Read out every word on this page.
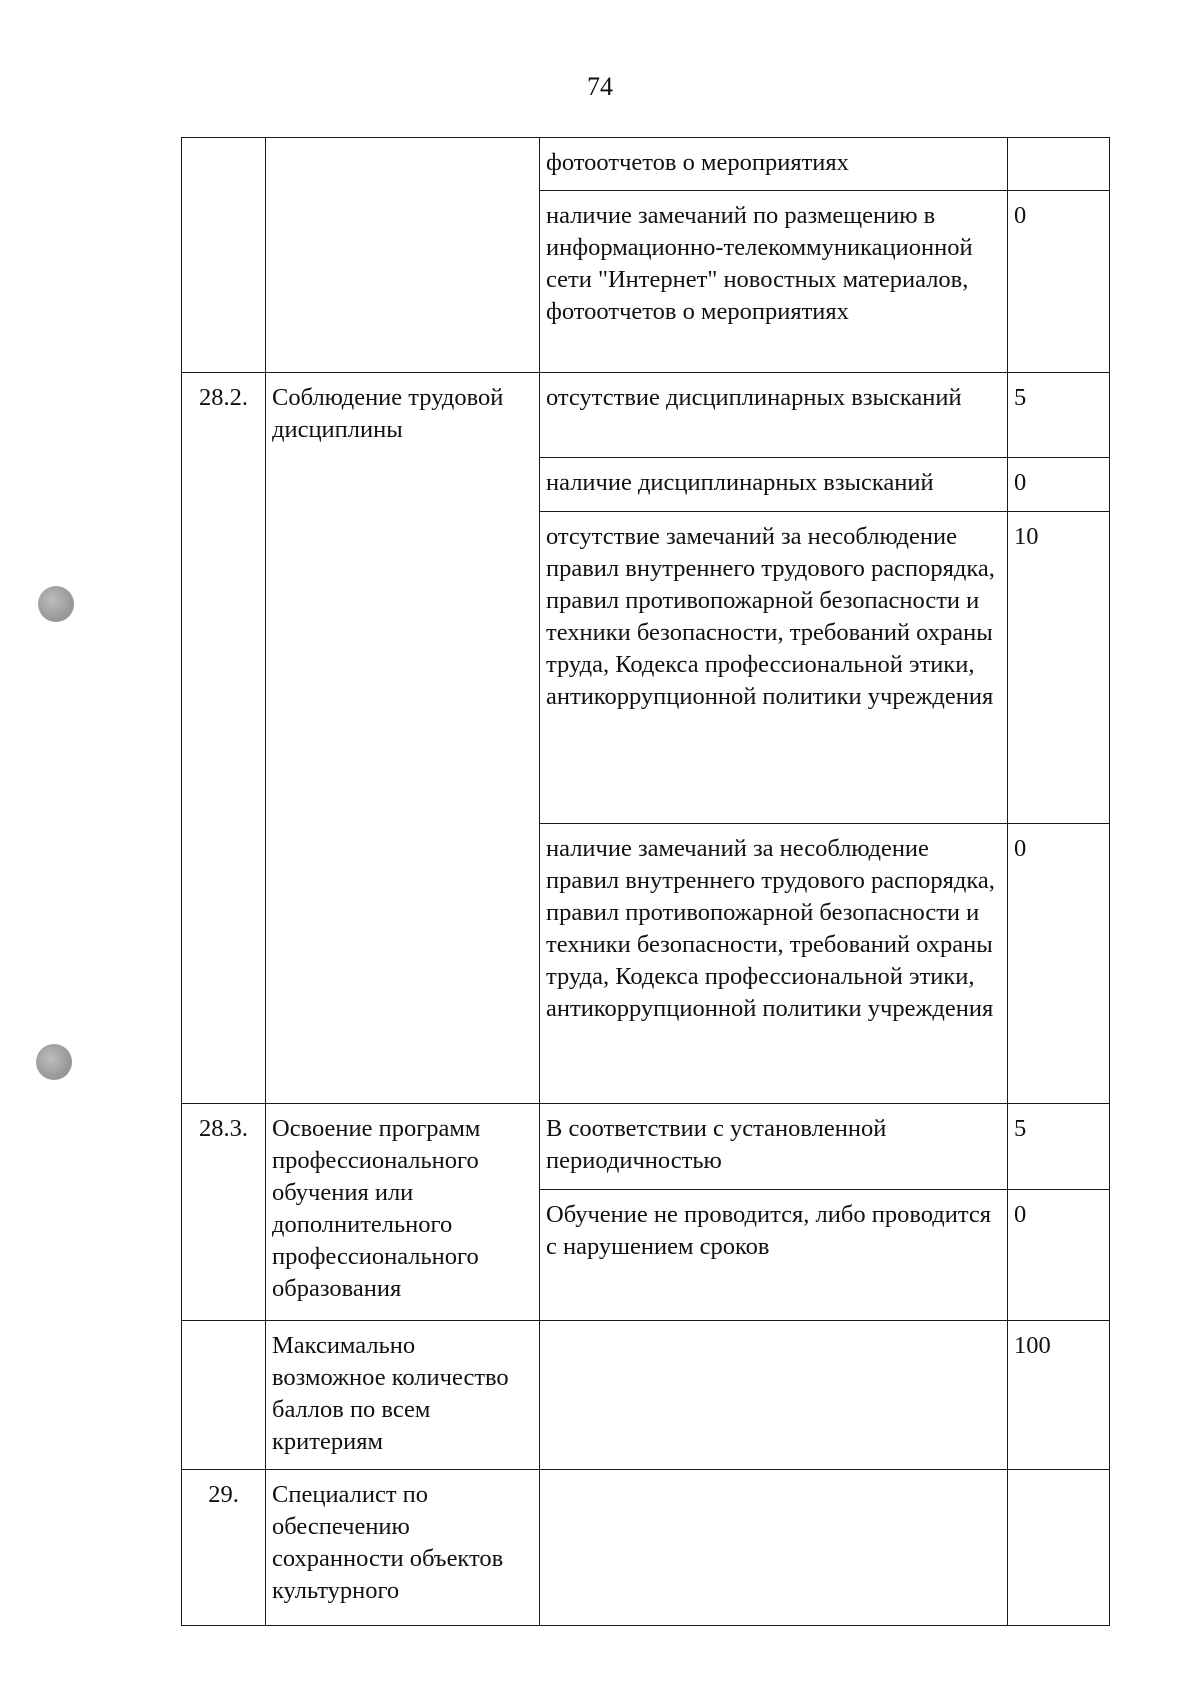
74
		фотоотчетов о мероприятиях	
		наличие замечаний по размещению в информационно-телекоммуникационной сети "Интернет" новостных материалов, фотоотчетов о мероприятиях	0
28.2.	Соблюдение трудовой дисциплины	отсутствие дисциплинарных взысканий	5
		наличие дисциплинарных взысканий	0
		отсутствие замечаний за несоблюдение правил внутреннего трудового распорядка, правил противопожарной безопасности и техники безопасности, требований охраны труда, Кодекса профессиональной этики, антикоррупционной политики учреждения	10
		наличие замечаний за несоблюдение правил внутреннего трудового распорядка, правил противопожарной безопасности и техники безопасности, требований охраны труда, Кодекса профессиональной этики, антикоррупционной политики учреждения	0
28.3.	Освоение программ профессионального обучения или дополнительного профессионального образования	В соответствии с установленной периодичностью	5
		Обучение не проводится, либо проводится с нарушением сроков	0
	Максимально возможное количество баллов по всем критериям		100
29.	Специалист по обеспечению сохранности объектов культурного		
